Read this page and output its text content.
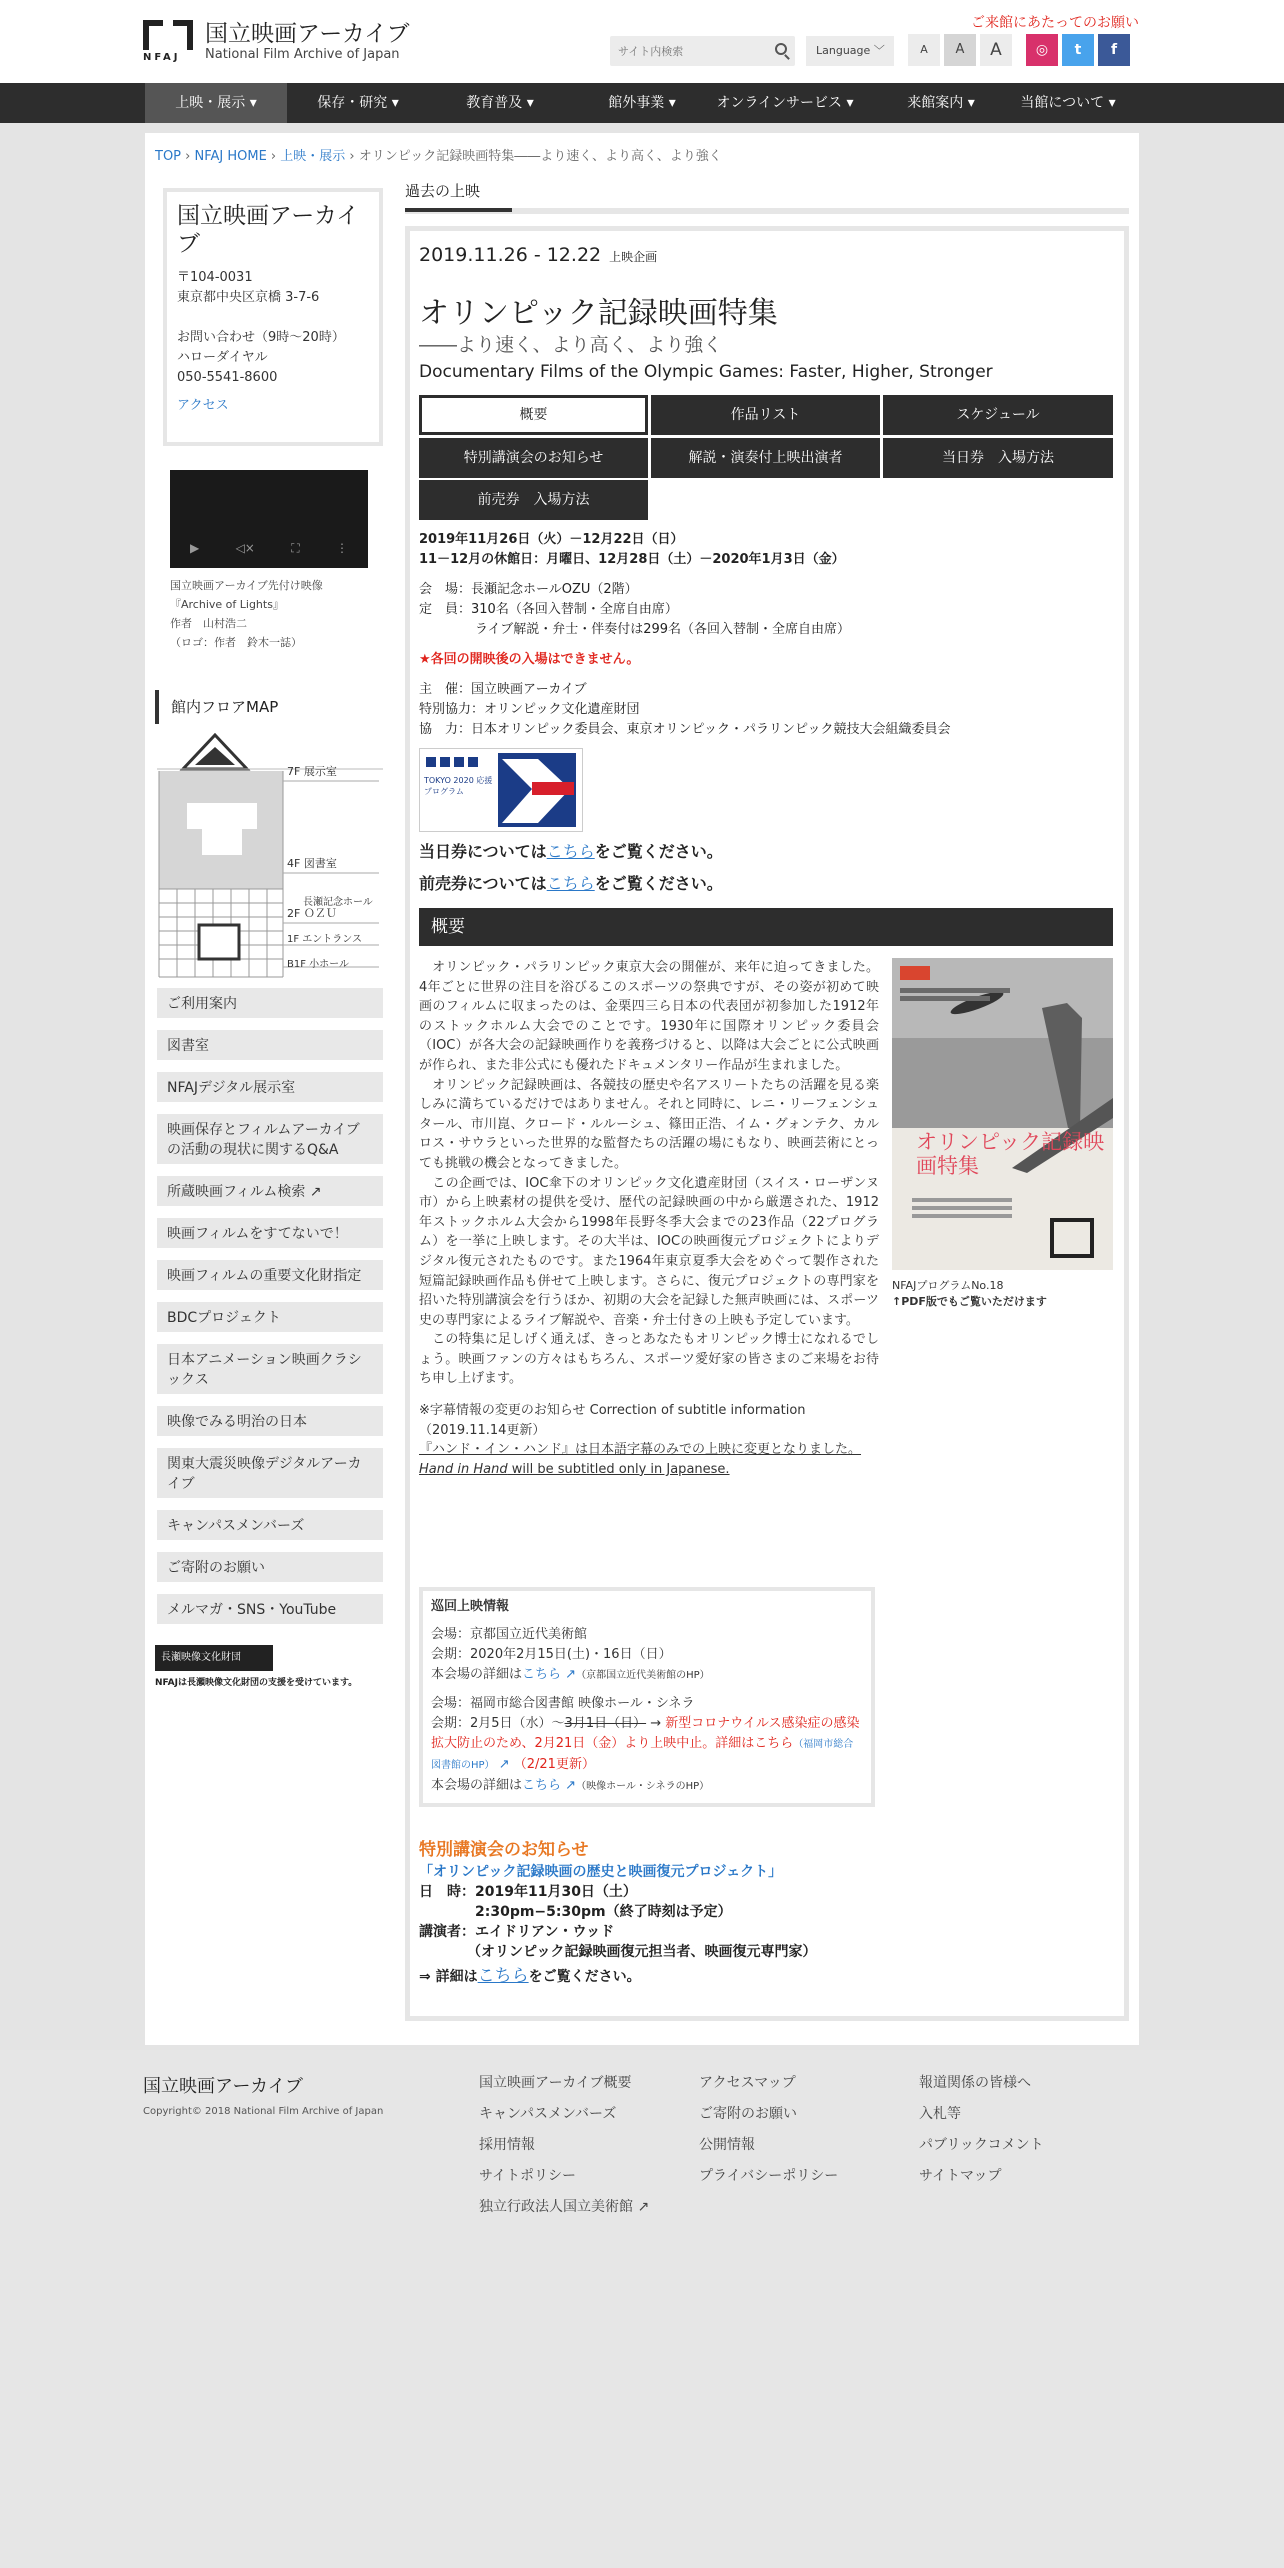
NFAJ
国立映画アーカイブ
National Film Archive of Japan
ご来館にあたってのお願い
サイト内検索
Language ﹀	A	A	A	◎	t	f
上映・展示 ▾	保存・研究 ▾	教育普及 ▾	館外事業 ▾	オンラインサービス ▾	来館案内 ▾	当館について ▾
TOP › NFAJ HOME › 上映・展示 › オリンピック記録映画特集――より速く、より高く、より強く
国立映画アーカイブ

〒104-0031

東京都中央区京橋 3-7-6

お問い合わせ（9時～20時）

ハローダイヤル

050-5541-8600

アクセス

▶	◁×	⛶	⋮
国立映画アーカイブ先付け映像
『Archive of Lights』
作者　山村浩二
（ロゴ：作者　鈴木一誌）
館内フロアMAP
7F 展示室
4F 図書室
長瀬記念ホール
2F ＯＺＵ
1F エントランス
B1F 小ホール
ご利用案内
図書室
NFAJデジタル展示室
映画保存とフィルムアーカイブの活動の現状に関するQ&A
所蔵映画フィルム検索 ↗
映画フィルムをすてないで！
映画フィルムの重要文化財指定
BDCプロジェクト
日本アニメーション映画クラシックス
映像でみる明治の日本
関東大震災映像デジタルアーカイブ
キャンパスメンバーズ
ご寄附のお願い
メルマガ・SNS・YouTube
長瀬映像文化財団
NFAJは長瀬映像文化財団の支援を受けています。
過去の上映
2019.11.26 - 12.22 上映企画
オリンピック記録映画特集
――より速く、より高く、より強く
Documentary Films of the Olympic Games: Faster, Higher, Stronger
概要	作品リスト	スケジュール
特別講演会のお知らせ	解説・演奏付上映出演者	当日券　入場方法
前売券　入場方法
2019年11月26日（火）－12月22日（日）
11－12月の休館日：月曜日、12月28日（土）－2020年1月3日（金）
会　場：長瀬記念ホールOZU（2階）
定　員：310名（各回入替制・全席自由席）
ライブ解説・弁士・伴奏付は299名（各回入替制・全席自由席）
★各回の開映後の入場はできません。
主　催：国立映画アーカイブ
特別協力：オリンピック文化遺産財団
協　力：日本オリンピック委員会、東京オリンピック・パラリンピック競技大会組織委員会
TOKYO 2020 応援プログラム
当日券についてはこちらをご覧ください。
前売券についてはこちらをご覧ください。
概要

　オリンピック・パラリンピック東京大会の開催が、来年に迫ってきました。4年ごとに世界の注目を浴びるこのスポーツの祭典ですが、その姿が初めて映画のフィルムに収まったのは、金栗四三ら日本の代表団が初参加した1912年のストックホルム大会でのことです。1930年に国際オリンピック委員会（IOC）が各大会の記録映画作りを義務づけると、以降は大会ごとに公式映画が作られ、また非公式にも優れたドキュメンタリー作品が生まれました。

　オリンピック記録映画は、各競技の歴史や名アスリートたちの活躍を見る楽しみに満ちているだけではありません。それと同時に、レニ・リーフェンシュタール、市川崑、クロード・ルルーシュ、篠田正浩、イム・グォンテク、カルロス・サウラといった世界的な監督たちの活躍の場にもなり、映画芸術にとっても挑戦の機会となってきました。

　この企画では、IOC傘下のオリンピック文化遺産財団（スイス・ローザンヌ市）から上映素材の提供を受け、歴代の記録映画の中から厳選された、1912年ストックホルム大会から1998年長野冬季大会までの23作品（22プログラム）を一挙に上映します。その大半は、IOCの映画復元プロジェクトによりデジタル復元されたものです。また1964年東京夏季大会をめぐって製作された短篇記録映画作品も併せて上映します。さらに、復元プロジェクトの専門家を招いた特別講演会を行うほか、初期の大会を記録した無声映画には、スポーツ史の専門家によるライブ解説や、音楽・弁士付きの上映も予定しています。

　この特集に足しげく通えば、きっとあなたもオリンピック博士になれるでしょう。映画ファンの方々はもちろん、スポーツ愛好家の皆さまのご来場をお待ち申し上げます。

※字幕情報の変更のお知らせ Correction of subtitle information

（2019.11.14更新）

『ハンド・イン・ハンド』は日本語字幕のみでの上映に変更となりました。

Hand in Hand will be subtitled only in Japanese.

オリンピック記録映画特集
NFAJプログラムNo.18
↑PDF版でもご覧いただけます
巡回上映情報
会場：京都国立近代美術館
会期：2020年2月15日(土)・16日（日）
本会場の詳細はこちら ↗（京都国立近代美術館のHP）
会場：福岡市総合図書館 映像ホール・シネラ
会期：2月5日（水）～3月1日（日） → 新型コロナウイルス感染症の感染拡大防止のため、2月21日（金）より上映中止。詳細はこちら（福岡市総合図書館のHP） ↗ （2/21更新）
本会場の詳細はこちら ↗（映像ホール・シネラのHP）
特別講演会のお知らせ
「オリンピック記録映画の歴史と映画復元プロジェクト」
日　時：2019年11月30日（土）
2:30pm−5:30pm（終了時刻は予定）
講演者：エイドリアン・ウッド
（オリンピック記録映画復元担当者、映画復元専門家）
⇒ 詳細はこちらをご覧ください。
国立映画アーカイブ
Copyright© 2018 National Film Archive of Japan
国立映画アーカイブ概要
キャンパスメンバーズ
採用情報
サイトポリシー
独立行政法人国立美術館 ↗
アクセスマップ
ご寄附のお願い
公開情報
プライバシーポリシー
報道関係の皆様へ
入札等
パブリックコメント
サイトマップ
